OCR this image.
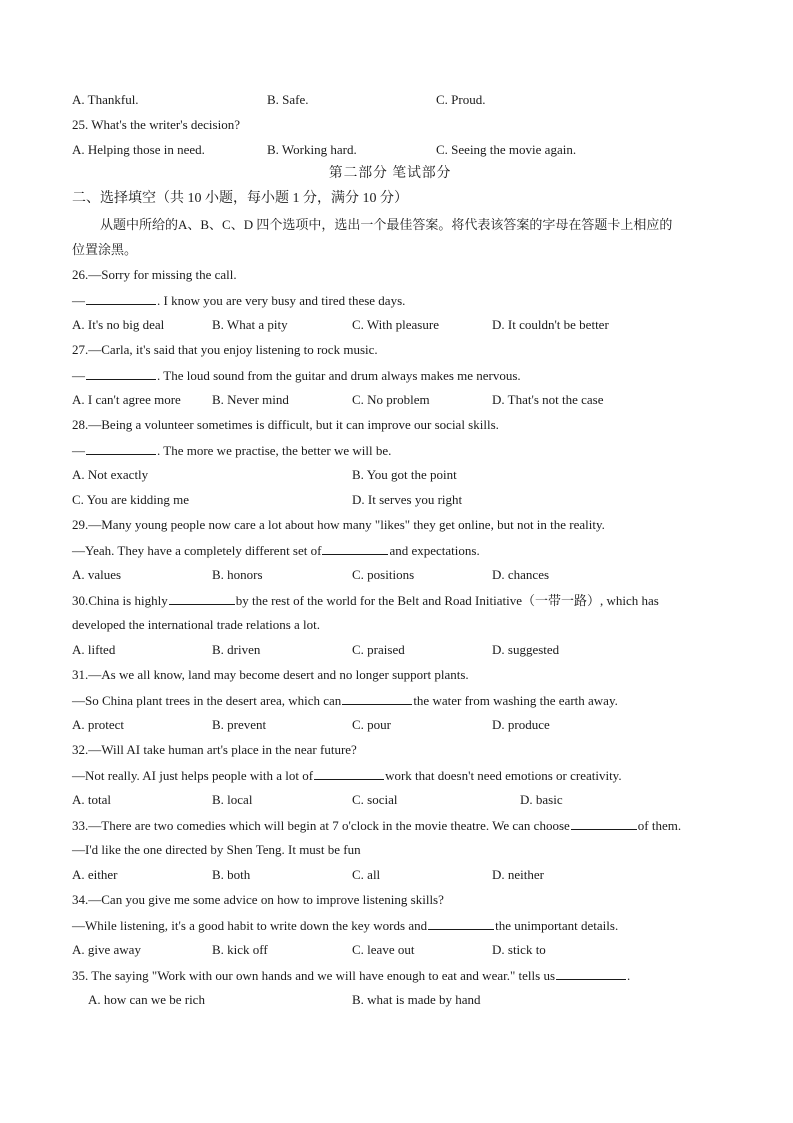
A. Thankful.	B. Safe.	C. Proud.
25. What's the writer's decision?
A. Helping those in need.	B. Working hard.	C. Seeing the movie again.
第二部分 笔试部分
二、选择填空（共 10 小题，每小题 1 分，满分 10 分）
从题中所给的A、B、C、D 四个选项中，选出一个最佳答案。将代表该答案的字母在答题卡上相应的
位置涂黑。
26.—Sorry for missing the call.
—	. I know you are very busy and tired these days.
A. It's no big deal	B. What a pity	C. With pleasure	D. It couldn't be better
27.—Carla, it's said that you enjoy listening to rock music.
—	. The loud sound from the guitar and drum always makes me nervous.
A. I can't agree more B. Never mind	C. No problem	D. That's not the case
28.—Being a volunteer sometimes is difficult, but it can improve our social skills.
—	. The more we practise, the better we will be.
A. Not exactly	B. You got the point
C. You are kidding me	D. It serves you right
29.—Many young people now care a lot about how many "likes" they get online, but not in the reality.
—Yeah. They have a completely different set of	and expectations.
A. values	B. honors	C. positions	D. chances
30.China is highly	by the rest of the world for the Belt and Road Initiative（一带一路）, which has
developed the international trade relations a lot.
A. lifted	B. driven	C. praised	D. suggested
31.—As we all know, land may become desert and no longer support plants.
—So China plant trees in the desert area, which can	the water from washing the earth away.
A. protect	B. prevent	C. pour	D. produce
32.—Will AI take human art's place in the near future?
—Not really. AI just helps people with a lot of	work that doesn't need emotions or creativity.
A. total	B. local	C. social	D. basic
33.—There are two comedies which will begin at 7 o'clock in the movie theatre. We can choose	of them.
—I'd like the one directed by Shen Teng. It must be fun
A. either	B. both	C. all	D. neither
34.—Can you give me some advice on how to improve listening skills?
—While listening, it's a good habit to write down the key words and	the unimportant details.
A. give away	B. kick off	C. leave out	D. stick to
35. The saying "Work with our own hands and we will have enough to eat and wear." tells us	.
A. how can we be rich	B. what is made by hand
